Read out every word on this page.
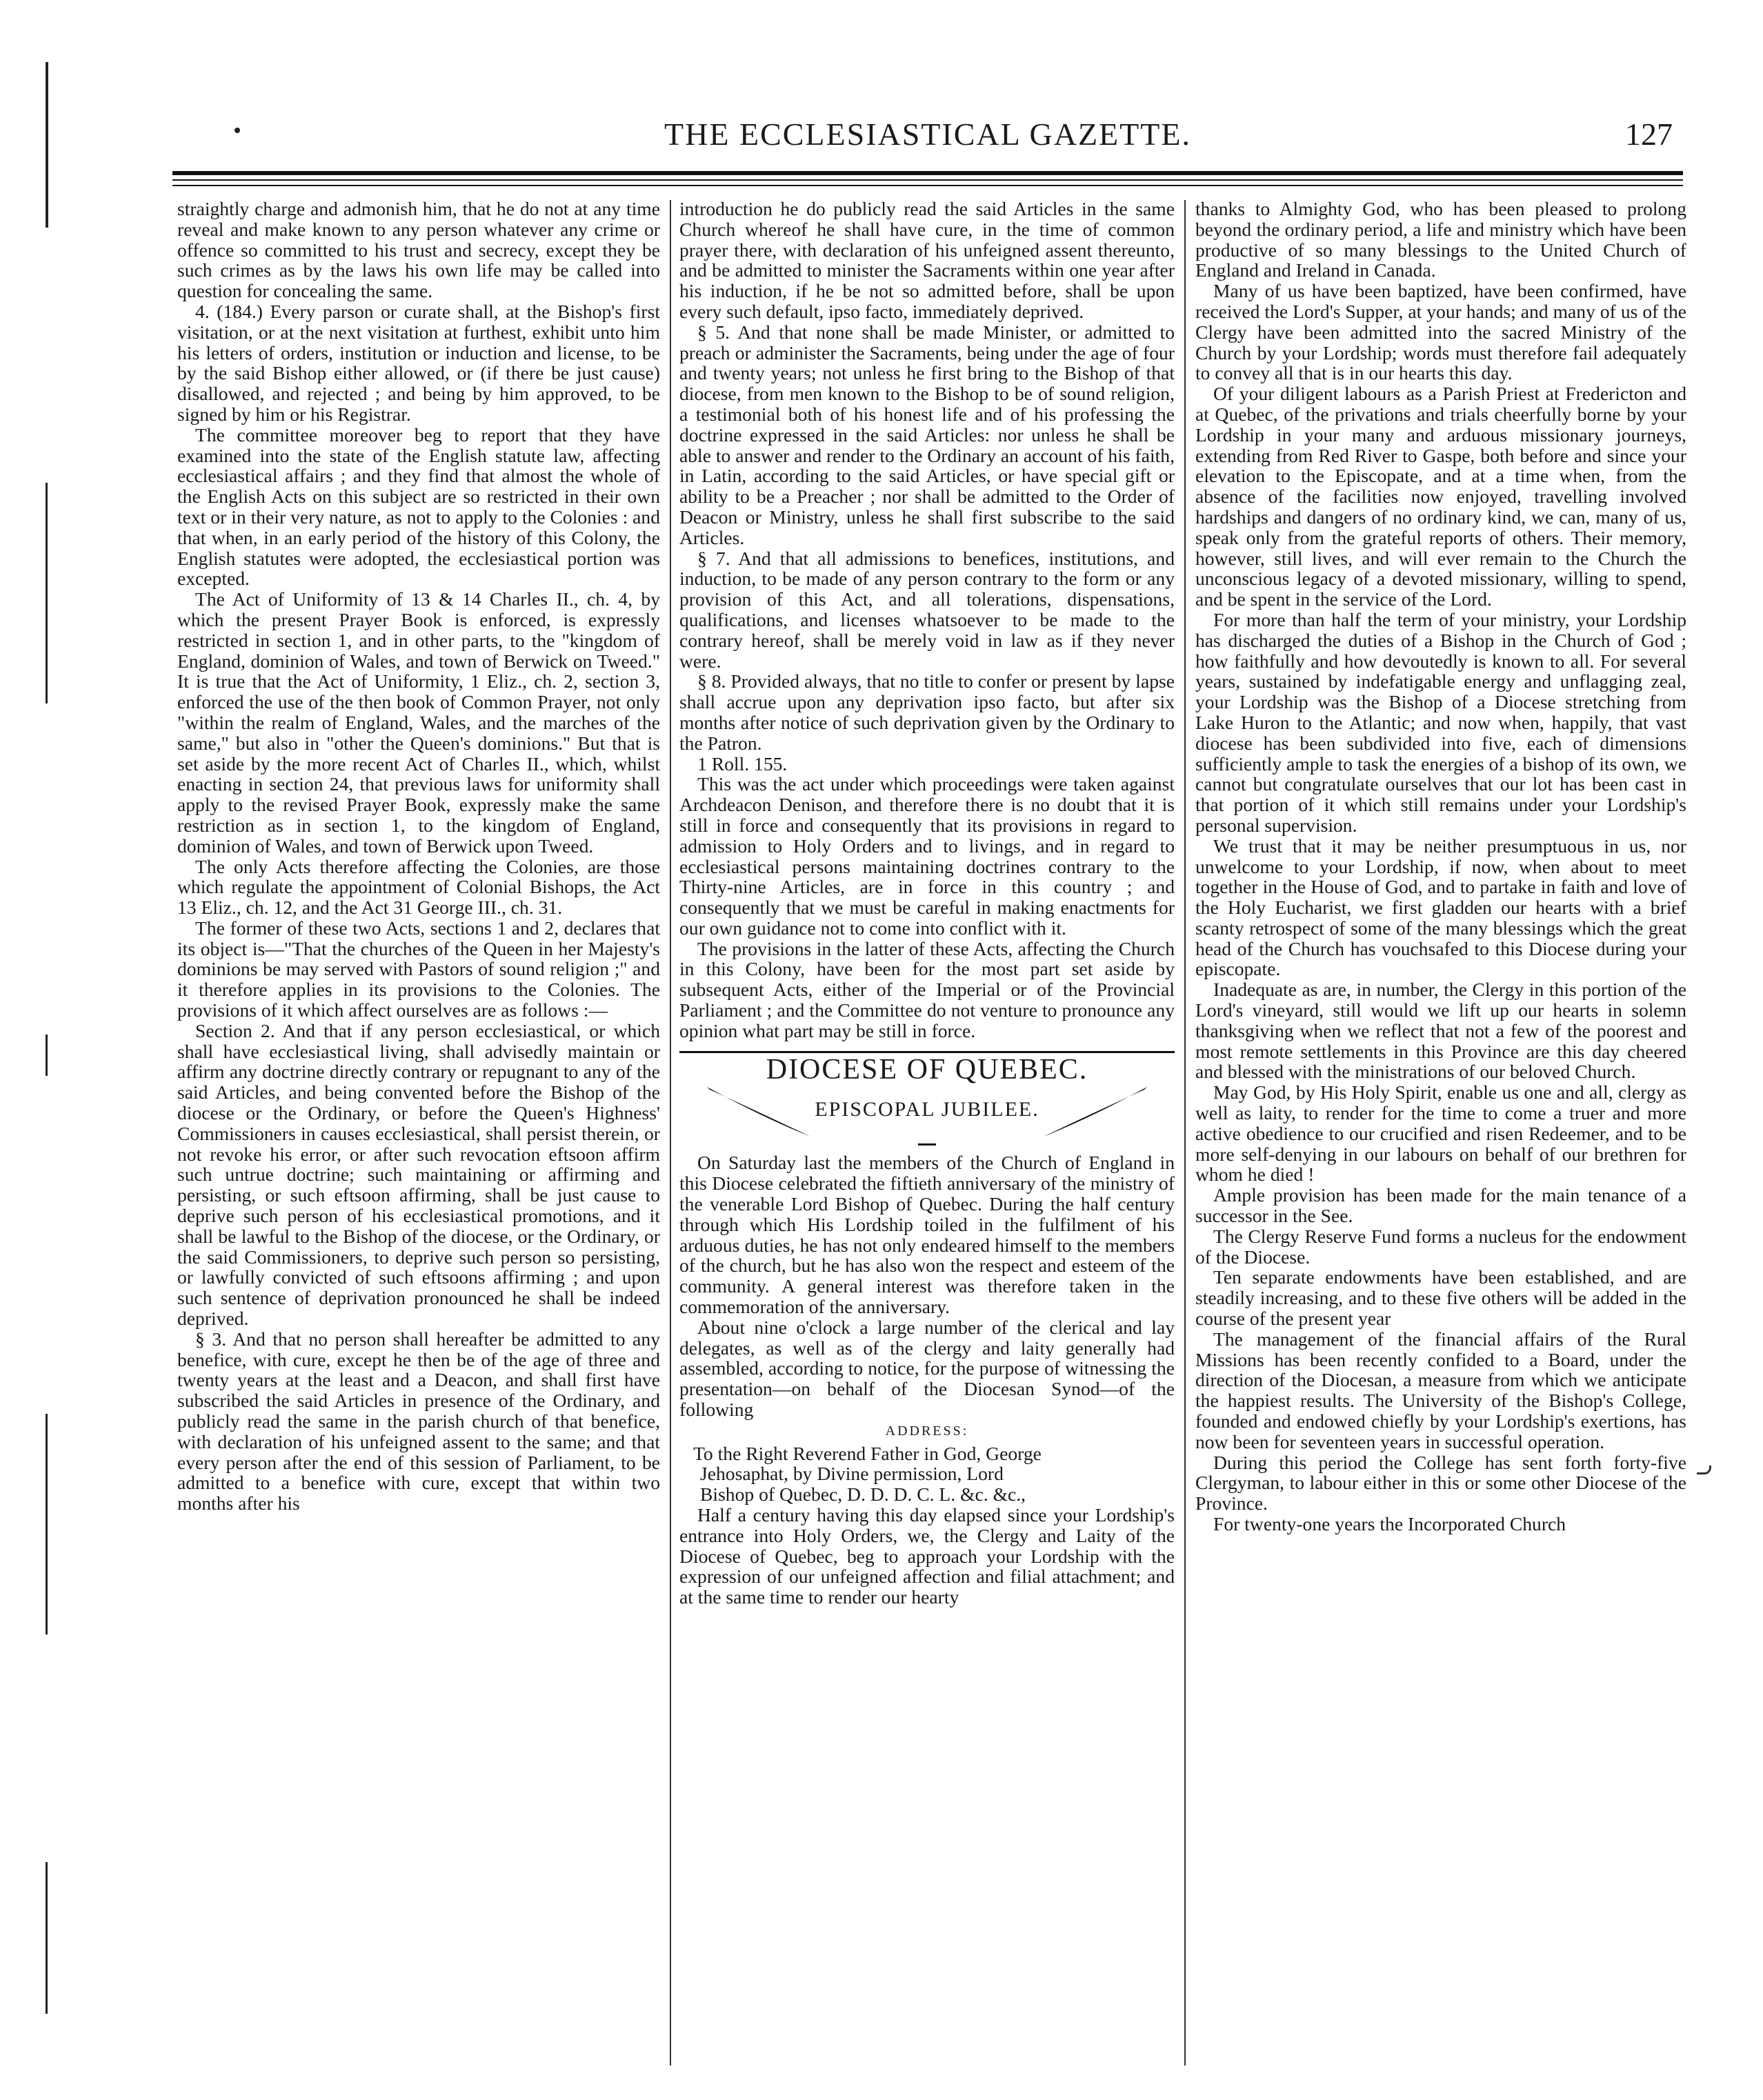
THE ECCLESIASTICAL GAZETTE.	127

straightly charge and admonish him, that he do not at any time reveal and make known to any person whatever any crime or offence so committed to his trust and secrecy, except they be such crimes as by the laws his own life may be called into question for concealing the same.

4. (184.) Every parson or curate shall, at the Bishop's first visitation, or at the next visitation at furthest, exhibit unto him his letters of orders, institution or induction and license, to be by the said Bishop either allowed, or (if there be just cause) disallowed, and rejected ; and being by him approved, to be signed by him or his Registrar.

The committee moreover beg to report that they have examined into the state of the English statute law, affecting ecclesiastical affairs ; and they find that almost the whole of the English Acts on this subject are so restricted in their own text or in their very nature, as not to apply to the Colonies : and that when, in an early period of the history of this Colony, the English statutes were adopted, the ecclesiastical portion was excepted.

The Act of Uniformity of 13 & 14 Charles II., ch. 4, by which the present Prayer Book is enforced, is expressly restricted in section 1, and in other parts, to the "kingdom of England, dominion of Wales, and town of Berwick on Tweed." It is true that the Act of Uniformity, 1 Eliz., ch. 2, section 3, enforced the use of the then book of Common Prayer, not only "within the realm of England, Wales, and the marches of the same," but also in "other the Queen's dominions." But that is set aside by the more recent Act of Charles II., which, whilst enacting in section 24, that previous laws for uniformity shall apply to the revised Prayer Book, expressly make the same restriction as in section 1, to the kingdom of England, dominion of Wales, and town of Berwick upon Tweed.

The only Acts therefore affecting the Colonies, are those which regulate the appointment of Colonial Bishops, the Act 13 Eliz., ch. 12, and the Act 31 George III., ch. 31.

The former of these two Acts, sections 1 and 2, declares that its object is—"That the churches of the Queen in her Majesty's dominions be may served with Pastors of sound religion ;" and it therefore applies in its provisions to the Colonies. The provisions of it which affect ourselves are as follows :—

Section 2. And that if any person ecclesiastical, or which shall have ecclesiastical living, shall advisedly maintain or affirm any doctrine directly contrary or repugnant to any of the said Articles, and being convented before the Bishop of the diocese or the Ordinary, or before the Queen's Highness' Commissioners in causes ecclesiastical, shall persist therein, or not revoke his error, or after such revocation eftsoon affirm such untrue doctrine; such maintaining or affirming and persisting, or such eftsoon affirming, shall be just cause to deprive such person of his ecclesiastical promotions, and it shall be lawful to the Bishop of the diocese, or the Ordinary, or the said Commissioners, to deprive such person so persisting, or lawfully convicted of such eftsoons affirming ; and upon such sentence of deprivation pronounced he shall be indeed deprived.

§ 3. And that no person shall hereafter be admitted to any benefice, with cure, except he then be of the age of three and twenty years at the least and a Deacon, and shall first have subscribed the said Articles in presence of the Ordinary, and publicly read the same in the parish church of that benefice, with declaration of his unfeigned assent to the same; and that every person after the end of this session of Parliament, to be admitted to a benefice with cure, except that within two months after his

introduction he do publicly read the said Articles in the same Church whereof he shall have cure, in the time of common prayer there, with declaration of his unfeigned assent thereunto, and be admitted to minister the Sacraments within one year after his induction, if he be not so admitted before, shall be upon every such default, ipso facto, immediately deprived.

§ 5. And that none shall be made Minister, or admitted to preach or administer the Sacraments, being under the age of four and twenty years; not unless he first bring to the Bishop of that diocese, from men known to the Bishop to be of sound religion, a testimonial both of his honest life and of his professing the doctrine expressed in the said Articles: nor unless he shall be able to answer and render to the Ordinary an account of his faith, in Latin, according to the said Articles, or have special gift or ability to be a Preacher ; nor shall be admitted to the Order of Deacon or Ministry, unless he shall first subscribe to the said Articles.

§ 7. And that all admissions to benefices, institutions, and induction, to be made of any person contrary to the form or any provision of this Act, and all tolerations, dispensations, qualifications, and licenses whatsoever to be made to the contrary hereof, shall be merely void in law as if they never were.

§ 8. Provided always, that no title to confer or present by lapse shall accrue upon any deprivation ipso facto, but after six months after notice of such deprivation given by the Ordinary to the Patron.

1 Roll. 155.

This was the act under which proceedings were taken against Archdeacon Denison, and therefore there is no doubt that it is still in force and consequently that its provisions in regard to admission to Holy Orders and to livings, and in regard to ecclesiastical persons maintaining doctrines contrary to the Thirty-nine Articles, are in force in this country ; and consequently that we must be careful in making enactments for our own guidance not to come into conflict with it.

The provisions in the latter of these Acts, affecting the Church in this Colony, have been for the most part set aside by subsequent Acts, either of the Imperial or of the Provincial Parliament ; and the Committee do not venture to pronounce any opinion what part may be still in force.

DIOCESE OF QUEBEC.
EPISCOPAL JUBILEE.

On Saturday last the members of the Church of England in this Diocese celebrated the fiftieth anniversary of the ministry of the venerable Lord Bishop of Quebec. During the half century through which His Lordship toiled in the fulfilment of his arduous duties, he has not only endeared himself to the members of the church, but he has also won the respect and esteem of the community. A general interest was therefore taken in the commemoration of the anniversary.

About nine o'clock a large number of the clerical and lay delegates, as well as of the clergy and laity generally had assembled, according to notice, for the purpose of witnessing the presentation—on behalf of the Diocesan Synod—of the following

ADDRESS:

To the Right Reverend Father in God, George

Jehosaphat, by Divine permission, Lord

Bishop of Quebec, D. D. D. C. L. &c. &c.,

Half a century having this day elapsed since your Lordship's entrance into Holy Orders, we, the Clergy and Laity of the Diocese of Quebec, beg to approach your Lordship with the expression of our unfeigned affection and filial attachment; and at the same time to render our hearty

thanks to Almighty God, who has been pleased to prolong beyond the ordinary period, a life and ministry which have been productive of so many blessings to the United Church of England and Ireland in Canada.

Many of us have been baptized, have been confirmed, have received the Lord's Supper, at your hands; and many of us of the Clergy have been admitted into the sacred Ministry of the Church by your Lordship; words must therefore fail adequately to convey all that is in our hearts this day.

Of your diligent labours as a Parish Priest at Fredericton and at Quebec, of the privations and trials cheerfully borne by your Lordship in your many and arduous missionary journeys, extending from Red River to Gaspe, both before and since your elevation to the Episcopate, and at a time when, from the absence of the facilities now enjoyed, travelling involved hardships and dangers of no ordinary kind, we can, many of us, speak only from the grateful reports of others. Their memory, however, still lives, and will ever remain to the Church the unconscious legacy of a devoted missionary, willing to spend, and be spent in the service of the Lord.

For more than half the term of your ministry, your Lordship has discharged the duties of a Bishop in the Church of God ; how faithfully and how devoutedly is known to all. For several years, sustained by indefatigable energy and unflagging zeal, your Lordship was the Bishop of a Diocese stretching from Lake Huron to the Atlantic; and now when, happily, that vast diocese has been subdivided into five, each of dimensions sufficiently ample to task the energies of a bishop of its own, we cannot but congratulate ourselves that our lot has been cast in that portion of it which still remains under your Lordship's personal supervision.

We trust that it may be neither presumptuous in us, nor unwelcome to your Lordship, if now, when about to meet together in the House of God, and to partake in faith and love of the Holy Eucharist, we first gladden our hearts with a brief scanty retrospect of some of the many blessings which the great head of the Church has vouchsafed to this Diocese during your episcopate.

Inadequate as are, in number, the Clergy in this portion of the Lord's vineyard, still would we lift up our hearts in solemn thanksgiving when we reflect that not a few of the poorest and most remote settlements in this Province are this day cheered and blessed with the ministrations of our beloved Church.

May God, by His Holy Spirit, enable us one and all, clergy as well as laity, to render for the time to come a truer and more active obedience to our crucified and risen Redeemer, and to be more self-denying in our labours on behalf of our brethren for whom he died !

Ample provision has been made for the main tenance of a successor in the See.

The Clergy Reserve Fund forms a nucleus for the endowment of the Diocese.

Ten separate endowments have been established, and are steadily increasing, and to these five others will be added in the course of the present year

The management of the financial affairs of the Rural Missions has been recently confided to a Board, under the direction of the Diocesan, a measure from which we anticipate the happiest results. The University of the Bishop's College, founded and endowed chiefly by your Lordship's exertions, has now been for seventeen years in successful operation.

During this period the College has sent forth forty-five Clergyman, to labour either in this or some other Diocese of the Province.

For twenty-one years the Incorporated Church
